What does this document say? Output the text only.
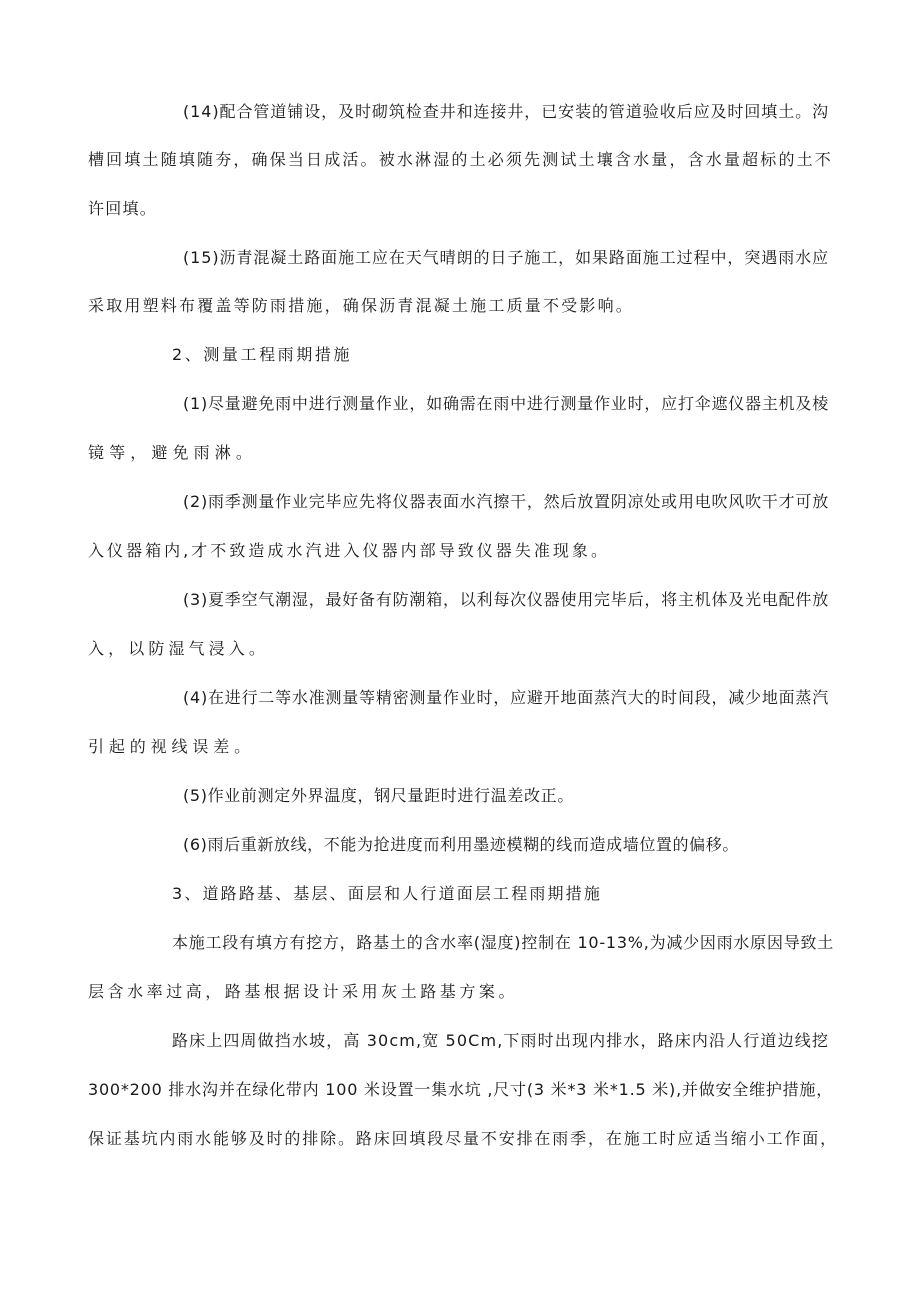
(14)配合管道铺设，及时砌筑检查井和连接井，已安装的管道验收后应及时回填土。沟
槽回填土随填随夯，确保当日成活。被水淋湿的土必须先测试土壤含水量，含水量超标的土不
许回填。
(15)沥青混凝土路面施工应在天气晴朗的日子施工，如果路面施工过程中，突遇雨水应
采取用塑料布覆盖等防雨措施，确保沥青混凝土施工质量不受影响。
2、测量工程雨期措施
(1)尽量避免雨中进行测量作业，如确需在雨中进行测量作业时，应打伞遮仪器主机及棱
镜等，避免雨淋。
(2)雨季测量作业完毕应先将仪器表面水汽擦干，然后放置阴凉处或用电吹风吹干才可放
入仪器箱内,才不致造成水汽进入仪器内部导致仪器失准现象。
(3)夏季空气潮湿，最好备有防潮箱，以利每次仪器使用完毕后，将主机体及光电配件放
入，以防湿气浸入。
(4)在进行二等水准测量等精密测量作业时，应避开地面蒸汽大的时间段，减少地面蒸汽
引起的视线误差。
(5)作业前测定外界温度，钢尺量距时进行温差改正。
(6)雨后重新放线，不能为抢进度而利用墨迹模糊的线而造成墙位置的偏移。
3、道路路基、基层、面层和人行道面层工程雨期措施
本施工段有填方有挖方，路基土的含水率(湿度)控制在 10-13%,为减少因雨水原因导致土
层含水率过高，路基根据设计采用灰土路基方案。
路床上四周做挡水坡，高 30cm,宽 50Cm,下雨时出现内排水，路床内沿人行道边线挖
300*200 排水沟并在绿化带内 100 米设置一集水坑 ,尺寸(3 米*3 米*1.5 米),并做安全维护措施，
保证基坑内雨水能够及时的排除。路床回填段尽量不安排在雨季，在施工时应适当缩小工作面，
